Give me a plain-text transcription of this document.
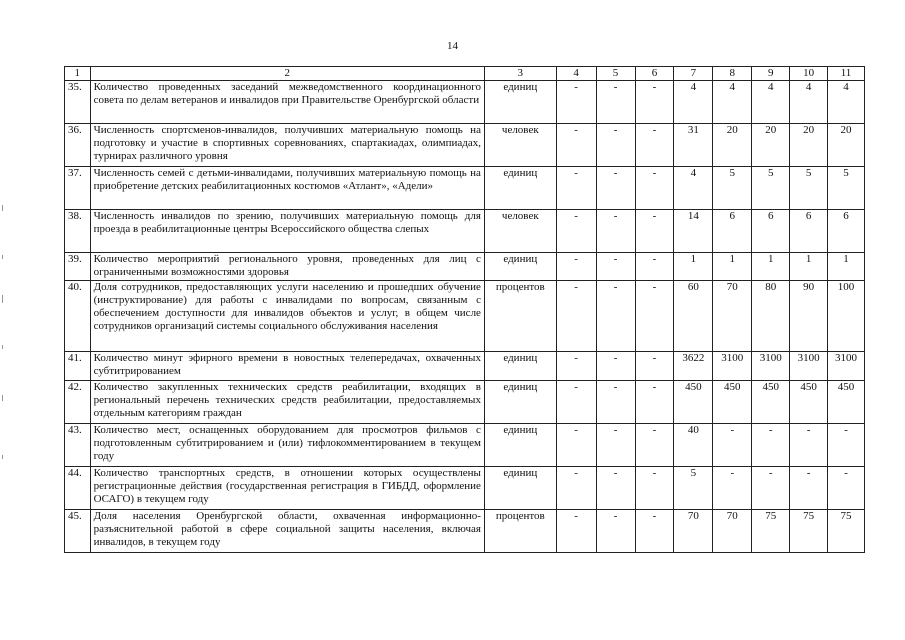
14
1	2	3	4	5	6	7	8	9	10	11
35.	Количество проведенных заседаний межведомственного координационного совета по делам ветеранов и инвалидов при Правительстве Оренбургской области	единиц	-	-	-	4	4	4	4	4
36.	Численность спортсменов-инвалидов, получивших материальную помощь на подготовку и участие в спортивных соревнованиях, спартакиадах, олимпиадах, турнирах различного уровня	человек	-	-	-	31	20	20	20	20
37.	Численность семей с детьми-инвалидами, получивших материальную помощь на приобретение детских реабилитационных костюмов «Атлант», «Адели»	единиц	-	-	-	4	5	5	5	5
38.	Численность инвалидов по зрению, получивших материальную помощь для проезда в реабилитационные центры Всероссийского общества слепых	человек	-	-	-	14	6	6	6	6
39.	Количество мероприятий регионального уровня, проведенных для лиц с ограниченными возможностями здоровья	единиц	-	-	-	1	1	1	1	1
40.	Доля сотрудников, предоставляющих услуги населению и прошедших обучение (инструктирование) для работы с инвалидами по вопросам, связанным с обеспечением доступности для инвалидов объектов и услуг, в общем числе сотрудников организаций системы социального обслуживания населения	процентов	-	-	-	60	70	80	90	100
41.	Количество минут эфирного времени в новостных телепередачах, охваченных субтитрированием	единиц	-	-	-	3622	3100	3100	3100	3100
42.	Количество закупленных технических средств реабилитации, входящих в региональный перечень технических средств реабилитации, предоставляемых отдельным категориям граждан	единиц	-	-	-	450	450	450	450	450
43.	Количество мест, оснащенных оборудованием для просмотров фильмов с подготовленным субтитрированием и (или) тифлокомментированием в текущем году	единиц	-	-	-	40	-	-	-	-
44.	Количество транспортных средств, в отношении которых осуществлены регистрационные действия (государственная регистрация в ГИБДД, оформление ОСАГО) в текущем году	единиц	-	-	-	5	-	-	-	-
45.	Доля населения Оренбургской области, охваченная информационно-разъяснительной работой в сфере социальной защиты населения, включая инвалидов, в текущем году	процентов	-	-	-	70	70	75	75	75
